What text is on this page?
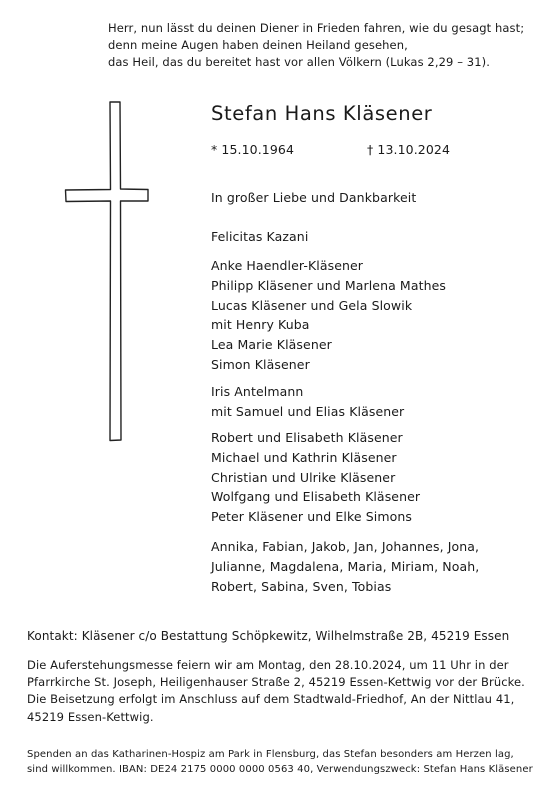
Herr, nun lässt du deinen Diener in Frieden fahren, wie du gesagt hast;
denn meine Augen haben deinen Heiland gesehen,
das Heil, das du bereitet hast vor allen Völkern (Lukas 2,29 – 31).
Stefan Hans Kläsener
* 15.10.1964	† 13.10.2024
In großer Liebe und Dankbarkeit
Felicitas Kazani
Anke Haendler-Kläsener
Philipp Kläsener und Marlena Mathes
Lucas Kläsener und Gela Slowik
mit Henry Kuba
Lea Marie Kläsener
Simon Kläsener
Iris Antelmann
mit Samuel und Elias Kläsener
Robert und Elisabeth Kläsener
Michael und Kathrin Kläsener
Christian und Ulrike Kläsener
Wolfgang und Elisabeth Kläsener
Peter Kläsener und Elke Simons
Annika, Fabian, Jakob, Jan, Johannes, Jona,
Julianne, Magdalena, Maria, Miriam, Noah,
Robert, Sabina, Sven, Tobias
Kontakt: Kläsener c/o Bestattung Schöpkewitz, Wilhelmstraße 2B, 45219 Essen
Die Auferstehungsmesse feiern wir am Montag, den 28.10.2024, um 11 Uhr in der
Pfarrkirche St. Joseph, Heiligenhauser Straße 2, 45219 Essen-Kettwig vor der Brücke.
Die Beisetzung erfolgt im Anschluss auf dem Stadtwald-Friedhof, An der Nittlau 41,
45219 Essen-Kettwig.
Spenden an das Katharinen-Hospiz am Park in Flensburg, das Stefan besonders am Herzen lag,
sind willkommen. IBAN: DE24 2175 0000 0000 0563 40, Verwendungszweck: Stefan Hans Kläsener
